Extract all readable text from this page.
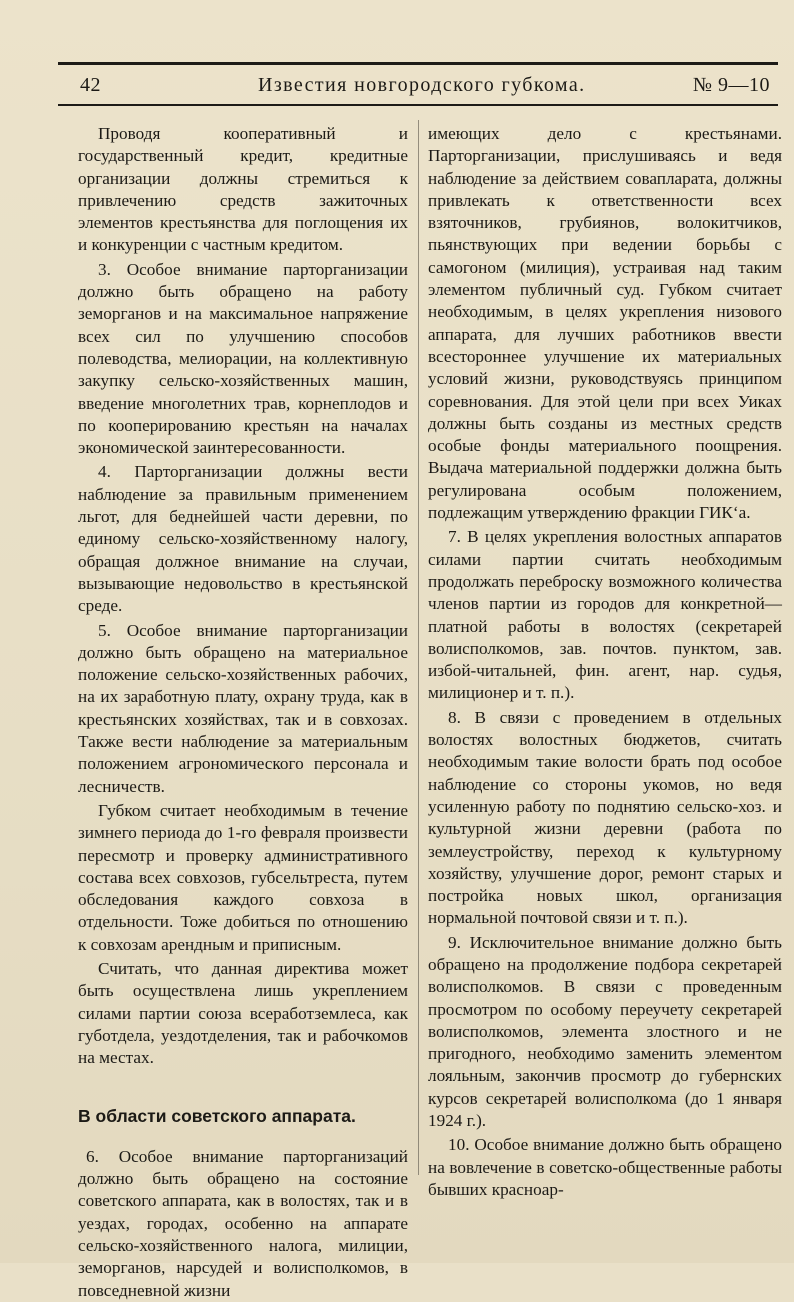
42	Известия новгородского губкома.	№ 9—10

Проводя кооперативный и государственный кредит, кредитные организации должны стремиться к привлечению средств зажиточных элементов крестьянства для поглощения их и конкуренции с частным кредитом.

3. Особое внимание парторганизации должно быть обращено на работу земорганов и на максимальное напряжение всех сил по улучшению способов полеводства, мелиорации, на коллективную закупку сельско-хозяйственных машин, введение многолетних трав, корнеплодов и по кооперированию крестьян на началах экономической заинтересованности.

4. Парторганизации должны вести наблюдение за правильным применением льгот, для беднейшей части деревни, по единому сельско-хозяйственному налогу, обращая должное внимание на случаи, вызывающие недовольство в крестьянской среде.

5. Особое внимание парторганизации должно быть обращено на материальное положение сельско-хозяйственных рабочих, на их заработную плату, охрану труда, как в крестьянских хозяйствах, так и в совхозах. Также вести наблюдение за материальным положением агрономического персонала и лесничеств.

Губком считает необходимым в течение зимнего периода до 1-го февраля произвести пересмотр и проверку административного состава всех совхозов, губсельтреста, путем обследования каждого совхоза в отдельности. Тоже добиться по отношению к совхозам арендным и приписным.

Считать, что данная директива может быть осуществлена лишь укреплением силами партии союза всеработземлеса, как губотдела, уездотделения, так и рабочкомов на местах.

В области советского аппарата.

6. Особое внимание парторганизаций должно быть обращено на состояние советского аппарата, как в волостях, так и в уездах, городах, особенно на аппарате сельско-хозяйственного налога, милиции, земорганов, нарсудей и волисполкомов, в повседневной жизни

имеющих дело с крестьянами. Парторганизации, прислушиваясь и ведя наблюдение за действием совапларата, должны привлекать к ответственности всех взяточников, грубиянов, волокитчиков, пьянствующих при ведении борьбы с самогоном (милиция), устраивая над таким элементом публичный суд. Губком считает необходимым, в целях укрепления низового аппарата, для лучших работников ввести всестороннее улучшение их материальных условий жизни, руководствуясь принципом соревнования. Для этой цели при всех Уиках должны быть созданы из местных средств особые фонды материального поощрения. Выдача материальной поддержки должна быть регулирована особым положением, подлежащим утверждению фракции ГИК‘а.

7. В целях укрепления волостных аппаратов силами партии считать необходимым продолжать переброску возможного количества членов партии из городов для конкретной—платной работы в волостях (секретарей волисполкомов, зав. почтов. пунктом, зав. избой-читальней, фин. агент, нар. судья, милиционер и т. п.).

8. В связи с проведением в отдельных волостях волостных бюджетов, считать необходимым такие волости брать под особое наблюдение со стороны укомов, но ведя усиленную работу по поднятию сельско-хоз. и культурной жизни деревни (работа по землеустройству, переход к культурному хозяйству, улучшение дорог, ремонт старых и постройка новых школ, организация нормальной почтовой связи и т. п.).

9. Исключительное внимание должно быть обращено на продолжение подбора секретарей волисполкомов. В связи с проведенным просмотром по особому переучету секретарей волисполкомов, элемента злостного и не пригодного, необходимо заменить элементом лояльным, закончив просмотр до губернских курсов секретарей волисполкома (до 1 января 1924 г.).

10. Особое внимание должно быть обращено на вовлечение в советско-общественные работы бывших красноар-
